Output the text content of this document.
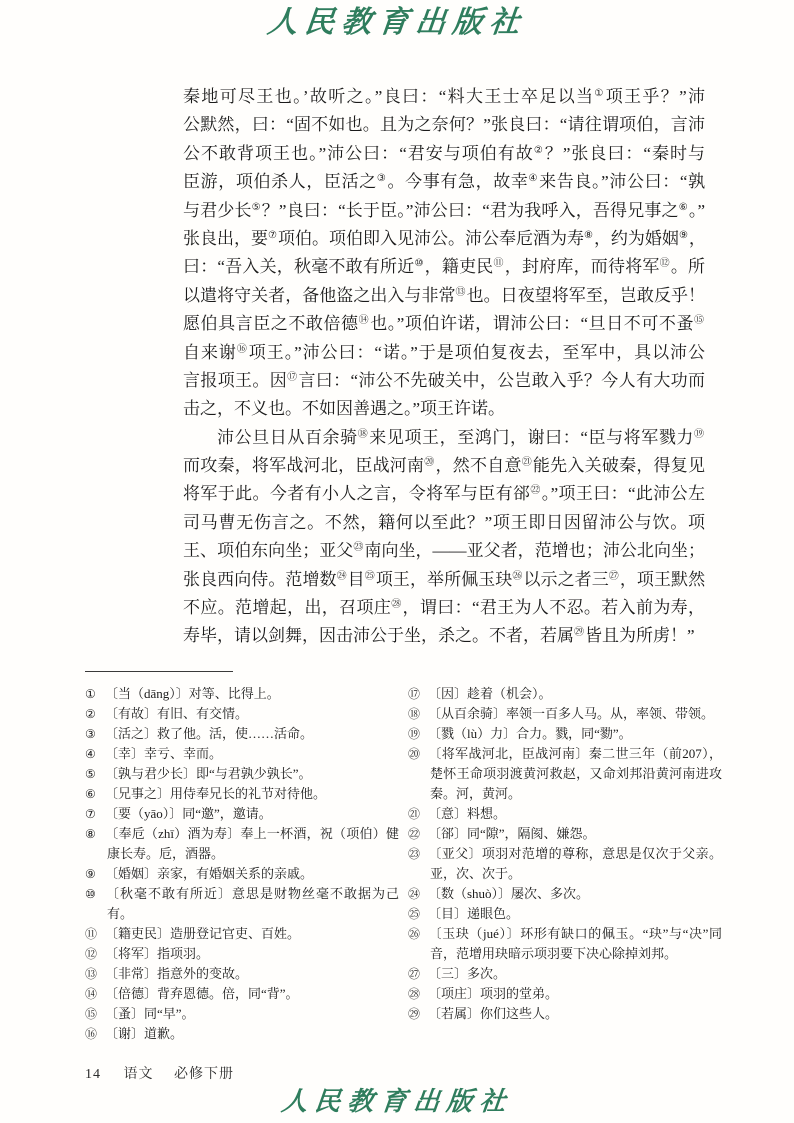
人民教育出版社
秦地可尽王也。’故听之。”良曰：“料大王士卒足以当①项王乎？”沛
公默然，曰：“固不如也。且为之奈何？”张良曰：“请往谓项伯，言沛
公不敢背项王也。”沛公曰：“君安与项伯有故②？”张良曰：“秦时与
臣游，项伯杀人，臣活之③。今事有急，故幸④来告良。”沛公曰：“孰
与君少长⑤？”良曰：“长于臣。”沛公曰：“君为我呼入，吾得兄事之⑥。”
张良出，要⑦项伯。项伯即入见沛公。沛公奉卮酒为寿⑧，约为婚姻⑨，
曰：“吾入关，秋毫不敢有所近⑩，籍吏民⑪，封府库，而待将军⑫。所
以遣将守关者，备他盗之出入与非常⑬也。日夜望将军至，岂敢反乎！
愿伯具言臣之不敢倍德⑭也。”项伯许诺，谓沛公曰：“旦日不可不蚤⑮
自来谢⑯项王。”沛公曰：“诺。”于是项伯复夜去，至军中，具以沛公
言报项王。因⑰言曰：“沛公不先破关中，公岂敢入乎？今人有大功而
击之，不义也。不如因善遇之。”项王许诺。
沛公旦日从百余骑⑱来见项王，至鸿门，谢曰：“臣与将军戮力⑲
而攻秦，将军战河北，臣战河南⑳，然不自意$^㉑$能先入关破秦，得复见
将军于此。今者有小人之言，令将军与臣有郤$^㉒$。”项王曰：“此沛公左
司马曹无伤言之。不然，籍何以至此？”项王即日因留沛公与饮。项
王、项伯东向坐；亚父$^㉓$南向坐，——亚父者，范增也；沛公北向坐；
张良西向侍。范增数$^㉔$目$^㉕$项王，举所佩玉玦$^㉖$以示之者三$^㉗$，项王默然
不应。范增起，出，召项庄$^㉘$，谓曰：“君王为人不忍。若入前为寿，
寿毕，请以剑舞，因击沛公于坐，杀之。不者，若属$^㉙$皆且为所虏！”
① 〔当（dāng）〕对等、比得上。
② 〔有故〕有旧、有交情。
③ 〔活之〕救了他。活，使……活命。
④ 〔幸〕幸亏、幸而。
⑤ 〔孰与君少长〕即“与君孰少孰长”。
⑥ 〔兄事之〕用侍奉兄长的礼节对待他。
⑦ 〔要（yāo）〕同“邀”，邀请。
⑧ 〔奉卮（zhī）酒为寿〕奉上一杯酒，祝（项伯）健康长寿。卮，酒器。
⑨ 〔婚姻〕亲家，有婚姻关系的亲戚。
⑩ 〔秋毫不敢有所近〕意思是财物丝毫不敢据为己有。
⑪ 〔籍吏民〕造册登记官吏、百姓。
⑫ 〔将军〕指项羽。
⑬ 〔非常〕指意外的变故。
⑭ 〔倍德〕背弃恩德。倍，同“背”。
⑮ 〔蚤〕同“早”。
⑯ 〔谢〕道歉。
⑰ 〔因〕趁着（机会）。
⑱ 〔从百余骑〕率领一百多人马。从，率领、带领。
⑲ 〔戮（lù）力〕合力。戮，同“勠”。
⑳ 〔将军战河北，臣战河南〕秦二世三年（前207），楚怀王命项羽渡黄河救赵，又命刘邦沿黄河南进攻秦。河，黄河。
㉑ 〔意〕料想。
㉒ 〔郤〕同“隙”，隔阂、嫌怨。
㉓ 〔亚父〕项羽对范增的尊称，意思是仅次于父亲。亚，次、次于。
㉔ 〔数（shuò）〕屡次、多次。
㉕ 〔目〕递眼色。
㉖ 〔玉玦（jué）〕环形有缺口的佩玉。“玦”与“决”同音，范增用玦暗示项羽要下决心除掉刘邦。
㉗ 〔三〕多次。
㉘ 〔项庄〕项羽的堂弟。
㉙ 〔若属〕你们这些人。
14 语文 必修下册
人民教育出版社
